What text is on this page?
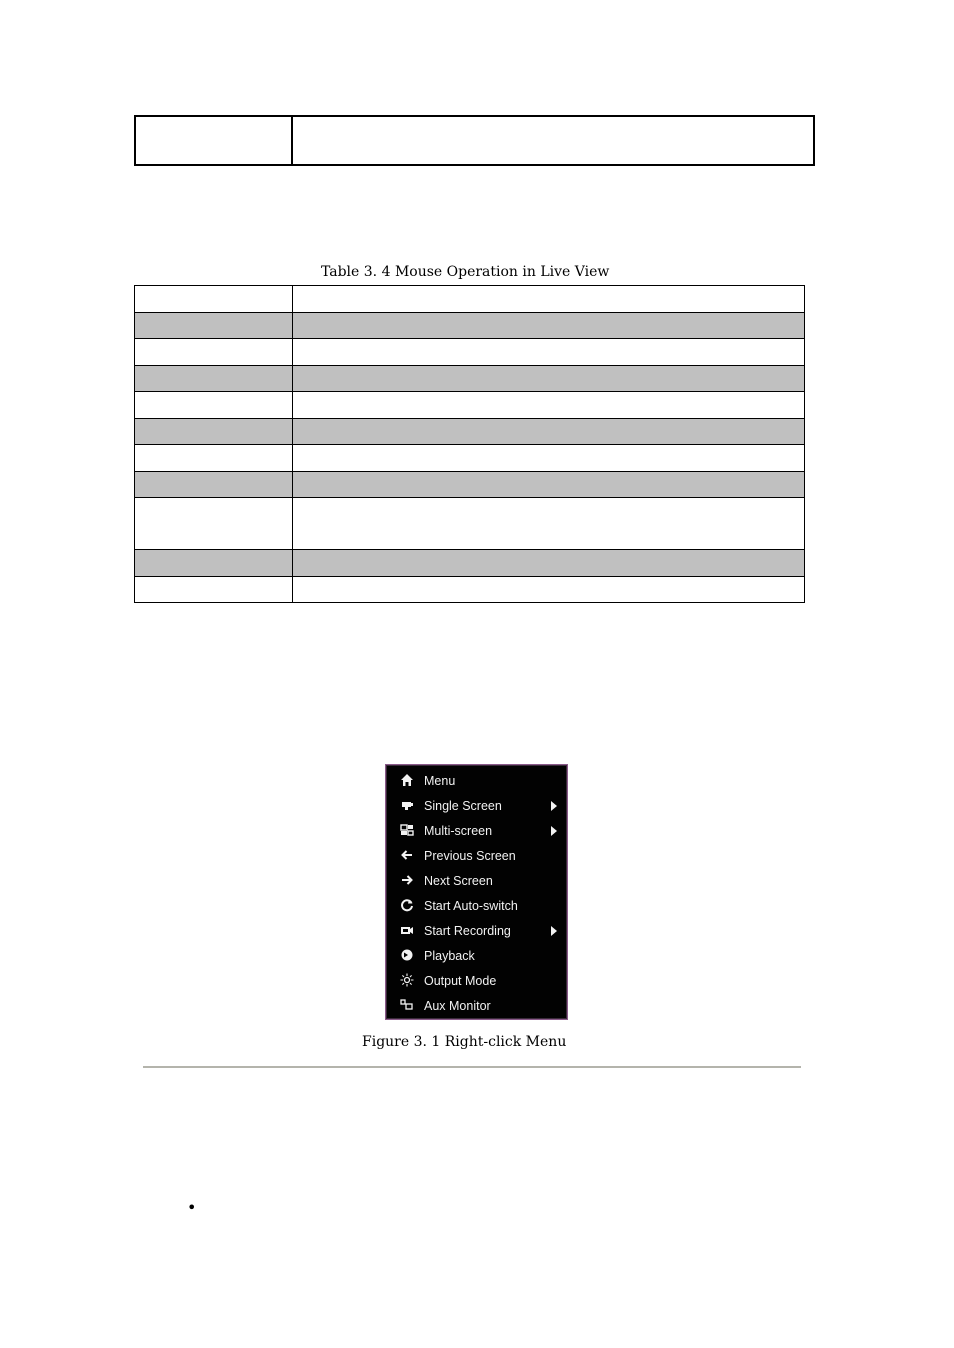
Table 3. 4 Mouse Operation in Live View

Menu
Single Screen
Multi-screen
Previous Screen
Next Screen
Start Auto-switch
Start Recording
Playback
Output Mode
Aux Monitor
Figure 3. 1 Right-click Menu
•
